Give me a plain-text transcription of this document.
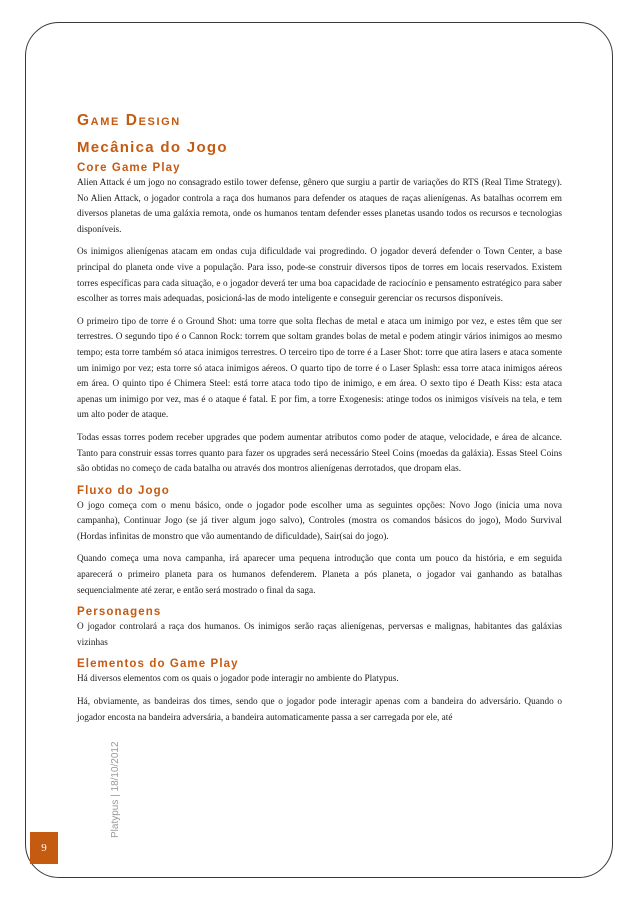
Game Design
Mecânica do Jogo
Core Game Play

Alien Attack é um jogo no consagrado estilo tower defense, gênero que surgiu a partir de variações do RTS (Real Time Strategy). No Alien Attack, o jogador controla a raça dos humanos para defender os ataques de raças alienígenas. As batalhas ocorrem em diversos planetas de uma galáxia remota, onde os humanos tentam defender esses planetas usando todos os recursos e tecnologias disponíveis.

Os inimigos alienígenas atacam em ondas cuja dificuldade vai progredindo. O jogador deverá defender o Town Center, a base principal do planeta onde vive a população. Para isso, pode-se construir diversos tipos de torres em locais reservados. Existem torres específicas para cada situação, e o jogador deverá ter uma boa capacidade de raciocínio e pensamento estratégico para saber escolher as torres mais adequadas, posicioná-las de modo inteligente e conseguir gerenciar os recursos disponíveis.

O primeiro tipo de torre é o Ground Shot: uma torre que solta flechas de metal e ataca um inimigo por vez, e estes têm que ser terrestres. O segundo tipo é o Cannon Rock: torrem que soltam grandes bolas de metal e podem atingir vários inimigos ao mesmo tempo; esta torre também só ataca inimigos terrestres. O terceiro tipo de torre é a Laser Shot: torre que atira lasers e ataca somente um inimigo por vez; esta torre só ataca inimigos aéreos. O quarto tipo de torre é o Laser Splash: essa torre ataca inimigos aéreos em área. O quinto tipo é Chimera Steel: está torre ataca todo tipo de inimigo, e em área. O sexto tipo é Death Kiss: esta ataca apenas um inimigo por vez, mas é o ataque é fatal. E por fim, a torre Exogenesis: atinge todos os inimigos visíveis na tela, e tem um alto poder de ataque.

Todas essas torres podem receber upgrades que podem aumentar atributos como poder de ataque, velocidade, e área de alcance. Tanto para construir essas torres quanto para fazer os upgrades será necessário Steel Coins (moedas da galáxia). Essas Steel Coins são obtidas no começo de cada batalha ou através dos montros alienígenas derrotados, que dropam elas.

Fluxo do Jogo

O jogo começa com o menu básico, onde o jogador pode escolher uma as seguintes opções: Novo Jogo (inicia uma nova campanha), Continuar Jogo (se já tiver algum jogo salvo), Controles (mostra os comandos básicos do jogo), Modo Survival (Hordas infinitas de monstro que vão aumentando de dificuldade), Sair(sai do jogo).

Quando começa uma nova campanha, irá aparecer uma pequena introdução que conta um pouco da história, e em seguida aparecerá o primeiro planeta para os humanos defenderem. Planeta a pós planeta, o jogador vai ganhando as batalhas sequencialmente até zerar, e então será mostrado o final da saga.

Personagens

O jogador controlará a raça dos humanos. Os inimigos serão raças alienígenas, perversas e malignas, habitantes das galáxias vizinhas

Elementos do Game Play

Há diversos elementos com os quais o jogador pode interagir no ambiente do Platypus.

Há, obviamente, as bandeiras dos times, sendo que o jogador pode interagir apenas com a bandeira do adversário. Quando o jogador encosta na bandeira adversária, a bandeira automaticamente passa a ser carregada por ele, até

Platypus | 18/10/2012
9
